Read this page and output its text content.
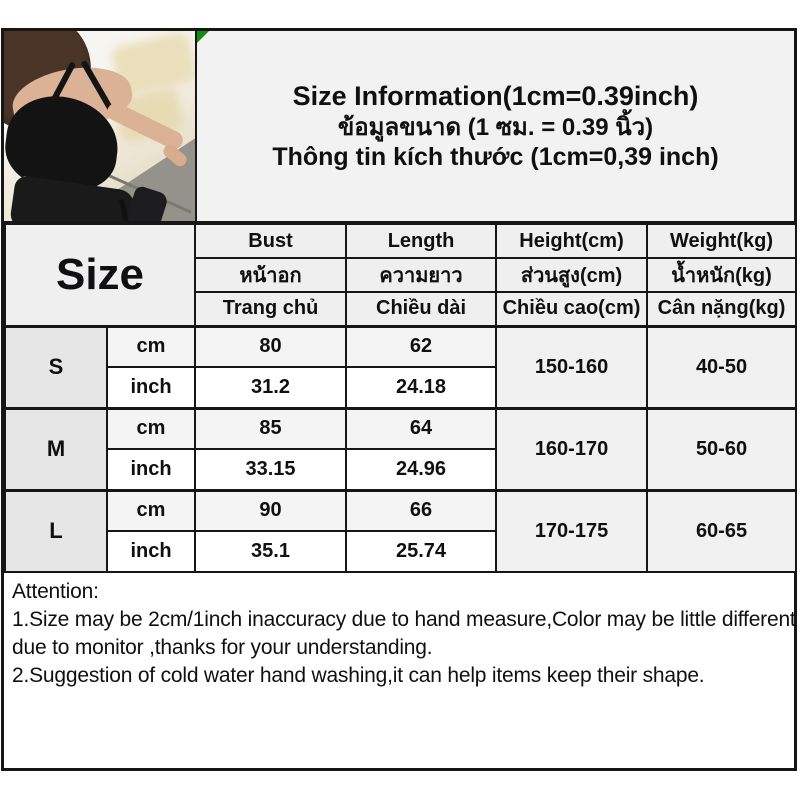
Size Information(1cm=0.39inch)
ข้อมูลขนาด (1 ซม. = 0.39 นิ้ว)
Thông tin kích thước (1cm=0,39 inch)
Size		Bust	Length	Height(cm)	Weight(kg)
		หน้าอก	ความยาว	ส่วนสูง(cm)	น้ำหนัก(kg)
		Trang chủ	Chiều dài	Chiều cao(cm)	Cân nặng(kg)
S	cm	80	62	150-160	40-50
	inch	31.2	24.18		
M	cm	85	64	160-170	50-60
	inch	33.15	24.96		
L	cm	90	66	170-175	60-65
	inch	35.1	25.74		
Attention:
1.Size may be 2cm/1inch inaccuracy due to hand measure,Color may be little different
due to monitor ,thanks for your understanding.
2.Suggestion of cold water hand washing,it can help items keep their shape.
